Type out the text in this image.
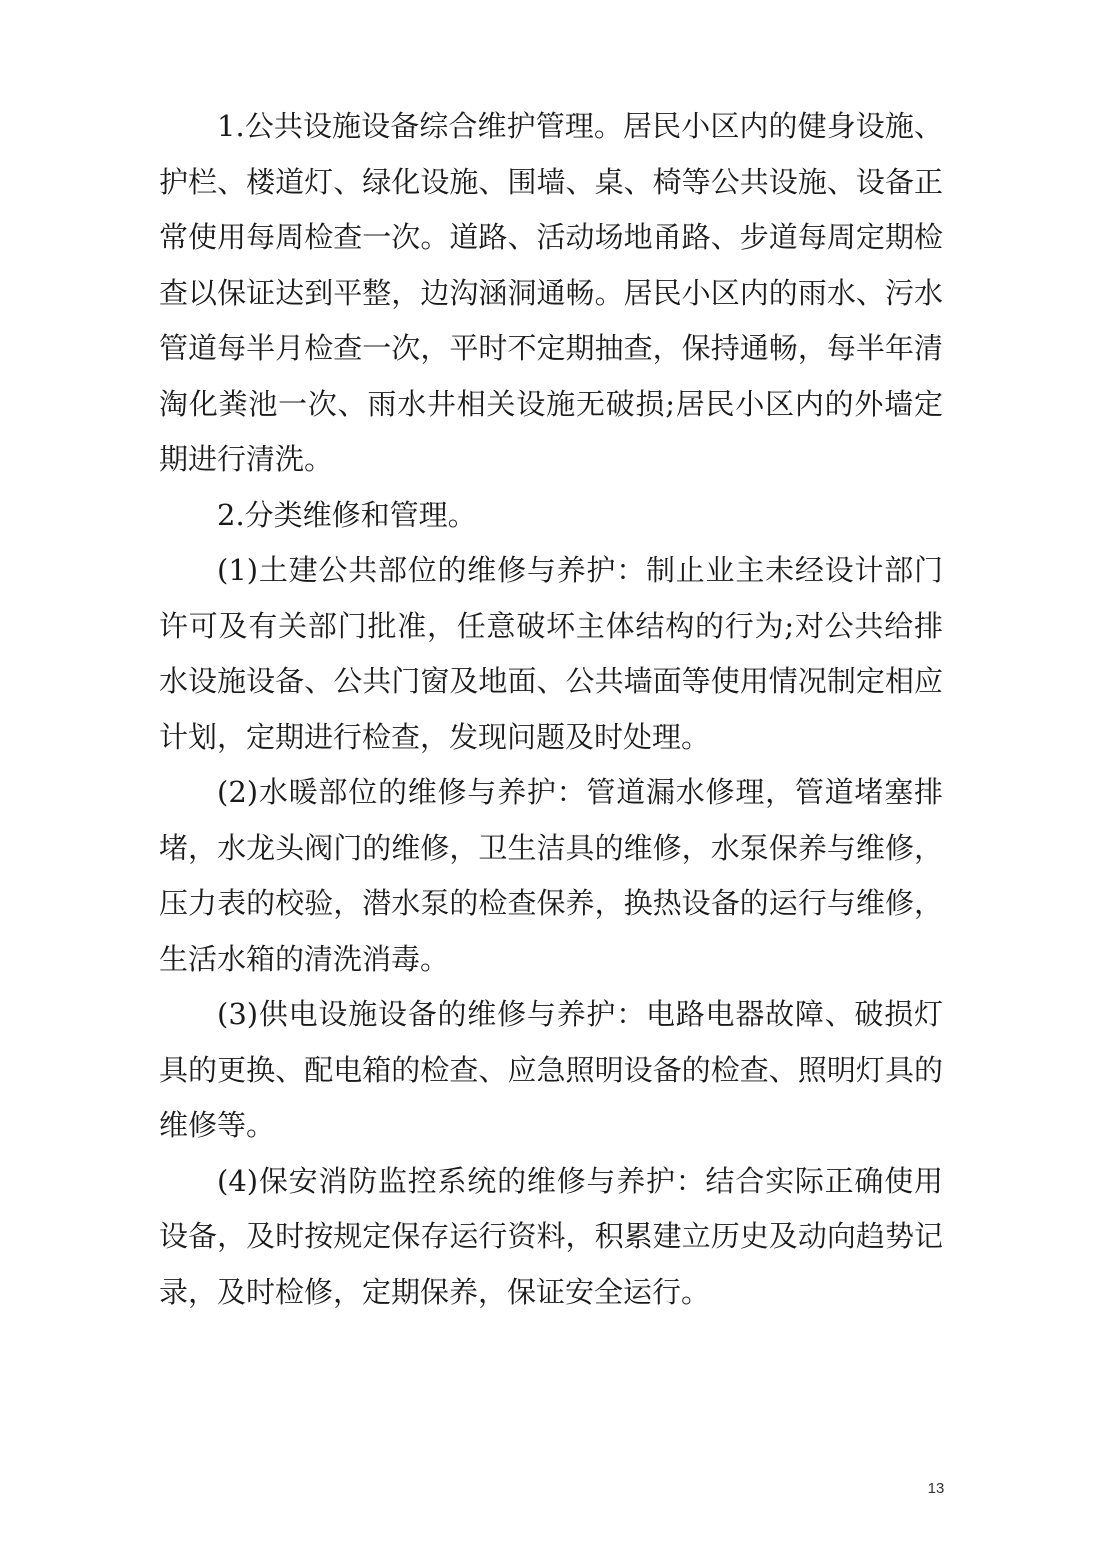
1.公共设施设备综合维护管理。居民小区内的健身设施、护栏、楼道灯、绿化设施、围墙、桌、椅等公共设施、设备正常使用每周检查一次。道路、活动场地甬路、步道每周定期检查以保证达到平整，边沟涵洞通畅。居民小区内的雨水、污水管道每半月检查一次，平时不定期抽查，保持通畅，每半年清淘化粪池一次、雨水井相关设施无破损;居民小区内的外墙定期进行清洗。

2.分类维修和管理。

(1)土建公共部位的维修与养护：制止业主未经设计部门许可及有关部门批准，任意破坏主体结构的行为;对公共给排水设施设备、公共门窗及地面、公共墙面等使用情况制定相应计划，定期进行检查，发现问题及时处理。

(2)水暖部位的维修与养护：管道漏水修理，管道堵塞排堵，水龙头阀门的维修，卫生洁具的维修，水泵保养与维修，压力表的校验，潜水泵的检查保养，换热设备的运行与维修，生活水箱的清洗消毒。

(3)供电设施设备的维修与养护：电路电器故障、破损灯具的更换、配电箱的检查、应急照明设备的检查、照明灯具的维修等。

(4)保安消防监控系统的维修与养护：结合实际正确使用设备，及时按规定保存运行资料，积累建立历史及动向趋势记录，及时检修，定期保养，保证安全运行。

13
